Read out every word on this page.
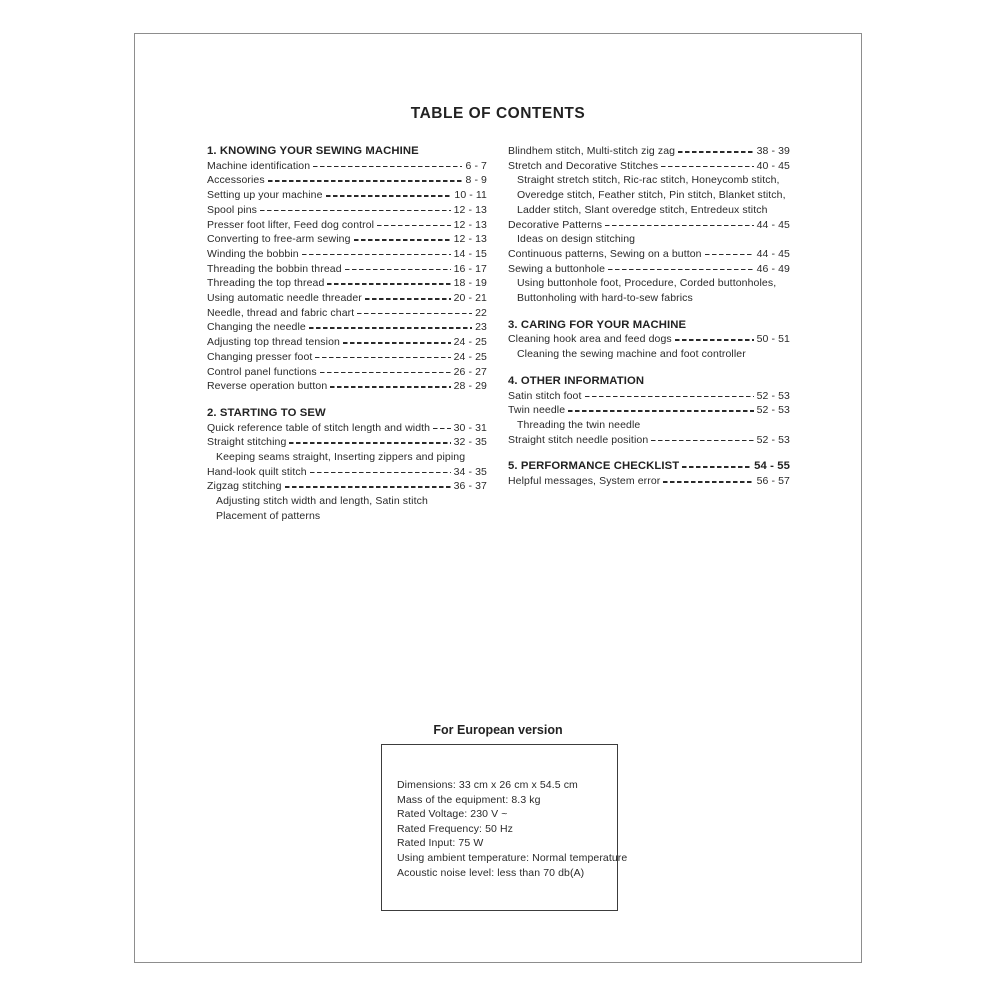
TABLE OF CONTENTS
1. KNOWING YOUR SEWING MACHINE
Machine identification	6 - 7
Accessories	8 - 9
Setting up your machine	10 - 11
Spool pins	12 - 13
Presser foot lifter, Feed dog control	12 - 13
Converting to free-arm sewing	12 - 13
Winding the bobbin	14 - 15
Threading the bobbin thread	16 - 17
Threading the top thread	18 - 19
Using automatic needle threader	20 - 21
Needle, thread and fabric chart	22
Changing the needle	23
Adjusting top thread tension	24 - 25
Changing presser foot	24 - 25
Control panel functions	26 - 27
Reverse operation button	28 - 29
2. STARTING TO SEW
Quick reference table of stitch length and width 30 - 31
Straight stitching	32 - 35
Keeping seams straight, Inserting zippers and piping
Hand-look quilt stitch	34 - 35
Zigzag stitching	36 - 37
Adjusting stitch width and length, Satin stitch
Placement of patterns
Blindhem stitch, Multi-stitch zig zag	38 - 39
Stretch and Decorative Stitches	40 - 45
Straight stretch stitch, Ric-rac stitch, Honeycomb stitch,
Overedge stitch, Feather stitch, Pin stitch, Blanket stitch,
Ladder stitch, Slant overedge stitch, Entredeux stitch
Decorative Patterns	44 - 45
Ideas on design stitching
Continuous patterns, Sewing on a button	44 - 45
Sewing a buttonhole	46 - 49
Using buttonhole foot, Procedure, Corded buttonholes,
Buttonholing with hard-to-sew fabrics
3. CARING FOR YOUR MACHINE
Cleaning hook area and feed dogs	50 - 51
Cleaning the sewing machine and foot controller
4. OTHER INFORMATION
Satin stitch foot	52 - 53
Twin needle	52 - 53
Threading the twin needle
Straight stitch needle position	52 - 53
5. PERFORMANCE CHECKLIST	54 - 55
Helpful messages, System error	56 - 57
For European version
Dimensions: 33 cm x 26 cm x 54.5 cm
Mass of the equipment: 8.3 kg
Rated Voltage: 230 V ~
Rated Frequency: 50 Hz
Rated Input: 75 W
Using ambient temperature: Normal temperature
Acoustic noise level: less than 70 db(A)
